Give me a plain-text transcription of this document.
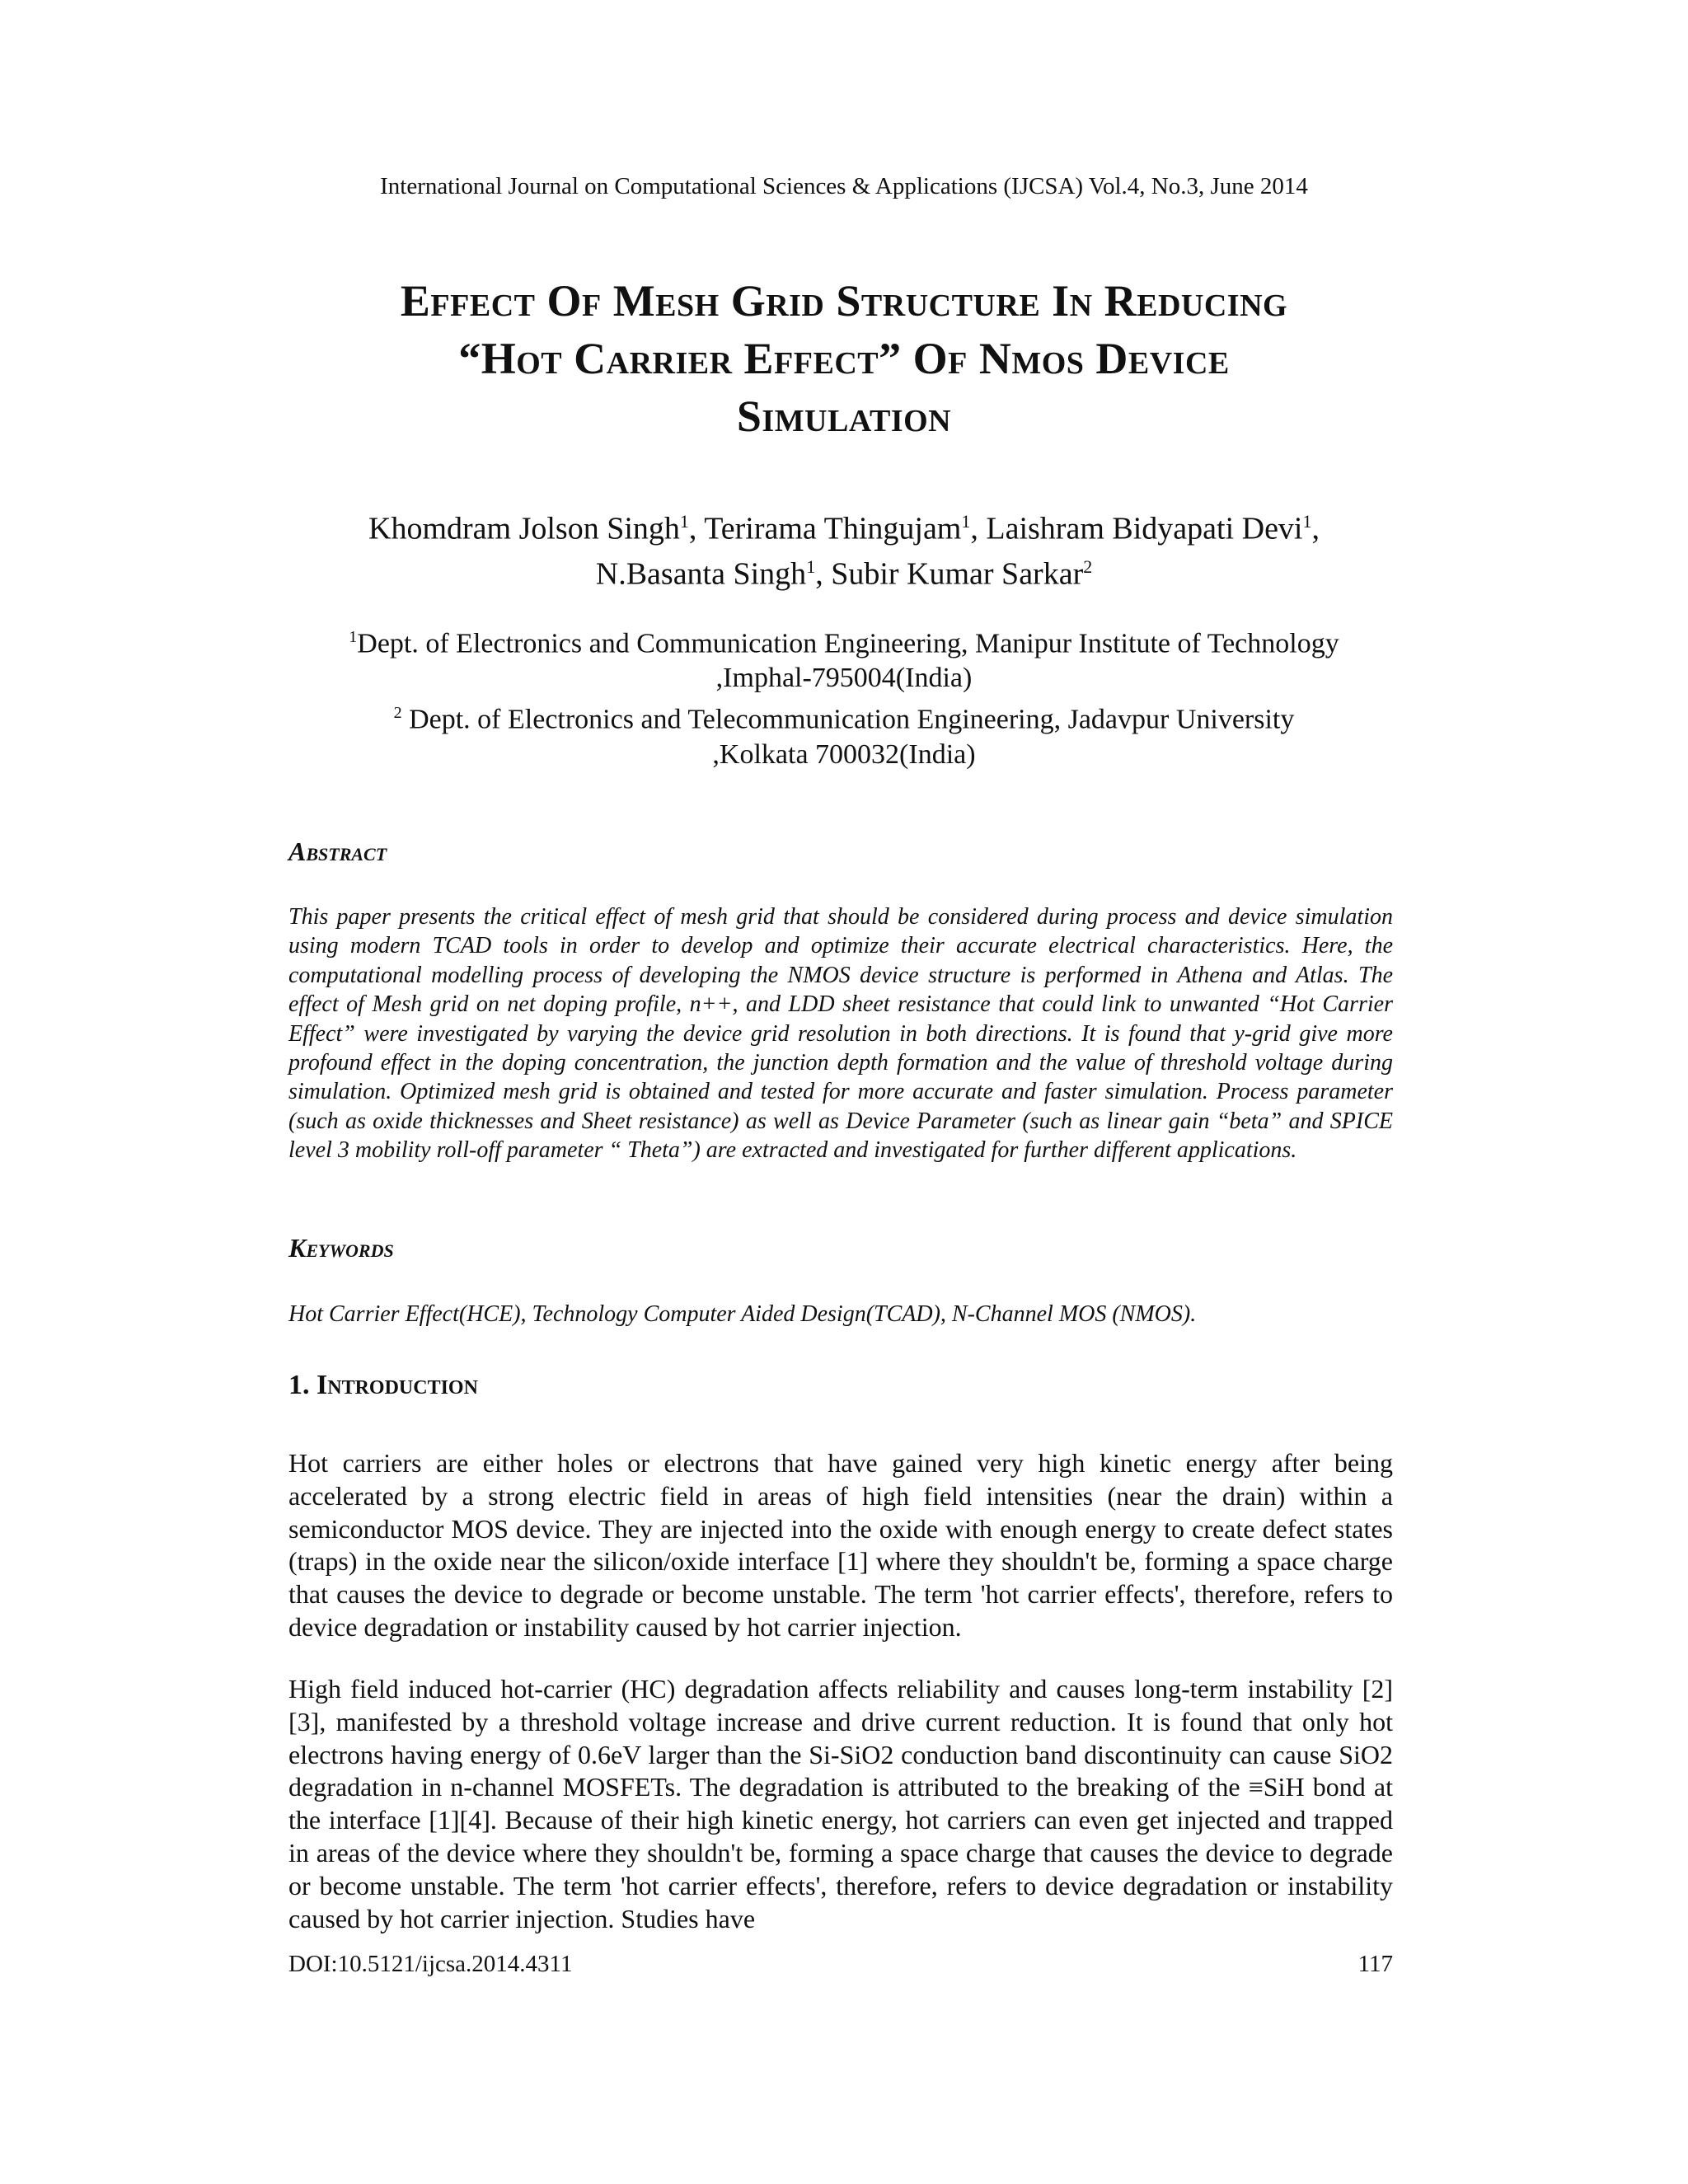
International Journal on Computational Sciences & Applications (IJCSA) Vol.4, No.3, June 2014
Effect Of Mesh Grid Structure In Reducing
“Hot Carrier Effect” Of Nmos Device
Simulation
Khomdram Jolson Singh$^1$, Terirama Thingujam$^1$, Laishram Bidyapati Devi$^1$,
N.Basanta Singh$^1$, Subir Kumar Sarkar$^2$
$^1$Dept. of Electronics and Communication Engineering, Manipur Institute of Technology
,Imphal-795004(India)
$^2$ Dept. of Electronics and Telecommunication Engineering, Jadavpur University
,Kolkata 700032(India)
Abstract
This paper presents the critical effect of mesh grid that should be considered during process and device simulation using modern TCAD tools in order to develop and optimize their accurate electrical characteristics. Here, the computational modelling process of developing the NMOS device structure is performed in Athena and Atlas. The effect of Mesh grid on net doping profile, n++, and LDD sheet resistance that could link to unwanted “Hot Carrier Effect” were investigated by varying the device grid resolution in both directions. It is found that y-grid give more profound effect in the doping concentration, the junction depth formation and the value of threshold voltage during simulation. Optimized mesh grid is obtained and tested for more accurate and faster simulation. Process parameter (such as oxide thicknesses and Sheet resistance) as well as Device Parameter (such as linear gain “beta” and SPICE level 3 mobility roll-off parameter “ Theta”) are extracted and investigated for further different applications.
Keywords
Hot Carrier Effect(HCE), Technology Computer Aided Design(TCAD), N-Channel MOS (NMOS).
1. Introduction
Hot carriers are either holes or electrons that have gained very high kinetic energy after being accelerated by a strong electric field in areas of high field intensities (near the drain) within a semiconductor MOS device. They are injected into the oxide with enough energy to create defect states (traps) in the oxide near the silicon/oxide interface [1] where they shouldn't be, forming a space charge that causes the device to degrade or become unstable. The term 'hot carrier effects', therefore, refers to device degradation or instability caused by hot carrier injection.
High field induced hot-carrier (HC) degradation affects reliability and causes long-term instability [2][3], manifested by a threshold voltage increase and drive current reduction. It is found that only hot electrons having energy of 0.6eV larger than the Si-SiO2 conduction band discontinuity can cause SiO2 degradation in n-channel MOSFETs. The degradation is attributed to the breaking of the ≡SiH bond at the interface [1][4]. Because of their high kinetic energy, hot carriers can even get injected and trapped in areas of the device where they shouldn't be, forming a space charge that causes the device to degrade or become unstable. The term 'hot carrier effects', therefore, refers to device degradation or instability caused by hot carrier injection. Studies have
DOI:10.5121/ijcsa.2014.4311	117
